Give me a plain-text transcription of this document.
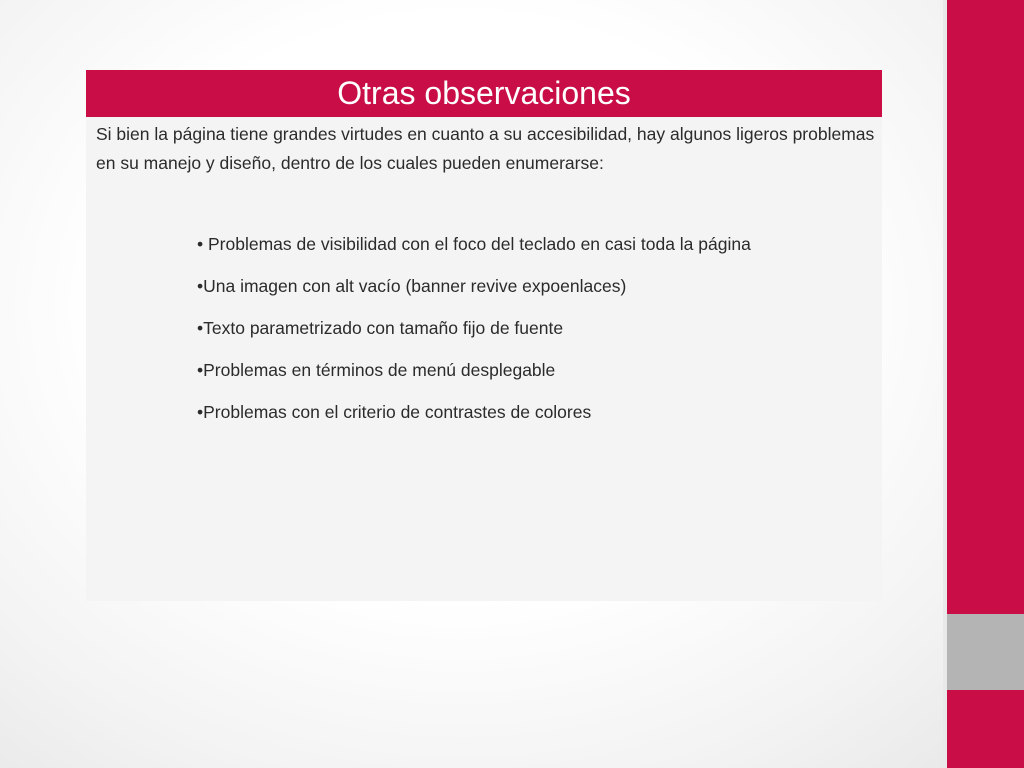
Otras observaciones

Si bien la página tiene grandes virtudes en cuanto a su accesibilidad, hay algunos ligeros problemas en su manejo y diseño, dentro de los cuales pueden enumerarse:

• Problemas de visibilidad con el foco del teclado en casi toda la página
•Una imagen con alt vacío (banner revive expoenlaces)
•Texto parametrizado con tamaño fijo de fuente
•Problemas en términos de menú desplegable
•Problemas con el criterio de contrastes de colores
